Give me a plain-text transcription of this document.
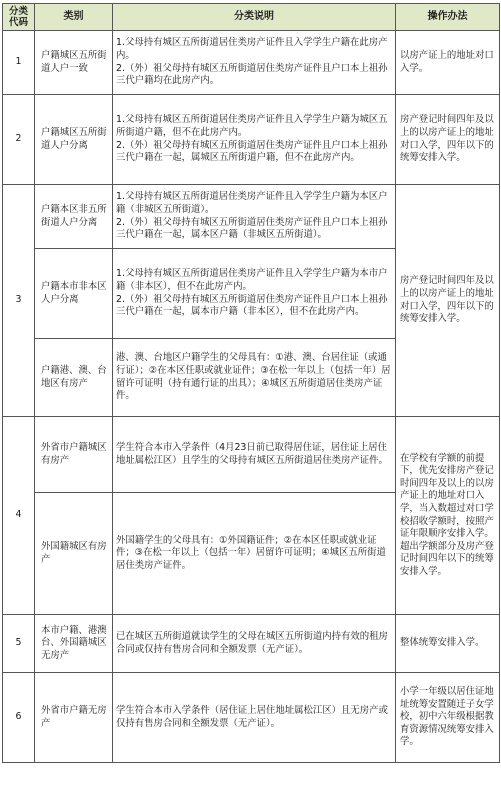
分类代码	类别	分类说明	操作办法
1	户籍城区五所街道人户一致	1.父母持有城区五所街道居住类房产证件且入学学生户籍在此房产内。

2.（外）祖父母持有城区五所街道居住类房产证件且户口本上祖孙三代户籍均在此房产内。	以房产证上的地址对口入学。
2	户籍城区五所街道人户分离	1.父母持有城区五所街道居住类房产证件且入学学生户籍为城区五所街道户籍，但不在此房产内。

2.（外）祖父母持有城区五所街道居住类房产证件且户口本上祖孙三代户籍在一起，属城区五所街道户籍，但不在此房产内。	房产登记时间四年及以上的以房产证上的地址对口入学，四年以下的统筹安排入学。
3	户籍本区非五所街道人户分离	1.父母持有城区五所街道居住类房产证件且入学学生户籍为本区户籍（非城区五所街道）。

2.（外）祖父母持有城区五所街道居住类房产证件且户口本上祖孙三代户籍在一起，属本区户籍（非城区五所街道）。	房产登记时间四年及以上的以房产证上的地址对口入学，四年以下的统筹安排入学。
	户籍本市非本区人户分离	1.父母持有城区五所街道居住类房产证件且入学学生户籍为本市户籍（非本区），但不在此房产内。

2.（外）祖父母持有城区五所街道居住类房产证件且户口本上祖孙三代户籍在一起，属本市户籍（非本区），但不在此房产内。	

	户籍港、澳、台地区有房产	港、澳、台地区户籍学生的父母具有：①港、澳、台居住证（或通行证）；②在本区任职或就业证件；③在松一年以上（包括一年）居留许可证明（持有通行证的出具）；④城区五所街道居住类房产证件。	
4	外省市户籍城区有房产	学生符合本市入学条件（4月23日前已取得居住证，居住证上居住地址属松江区）且学生的父母持有城区五所街道居住类房产证件。	在学校有学额的前提下，优先安排房产登记时间四年及以上的以房产证上的地址对口入学，当入数超过对口学校招收学额时，按照产证年限顺序安排入学。超出学额部分及房产登记时间四年以下的统筹安排入学。
	外国籍城区有房产	外国籍学生的父母具有：①外国籍证件；②在本区任职或就业证件；③在松一年以上（包括一年）居留许可证明；④城区五所街道居住类房产证件。	
5	本市户籍、港澳台、外国籍城区无房产	已在城区五所街道就读学生的父母在城区五所街道内持有效的租房合同或仅持有售房合同和全额发票（无产证）。	整体统筹安排入学。
6	外省市户籍无房产	学生符合本市入学条件（居住证上居住地址属松江区）且无房产或仅持有售房合同和全额发票（无产证）。	小学一年级以居住证地址统筹安置随迁子女学校，初中六年级根据教育资源情况统筹安排入学。
